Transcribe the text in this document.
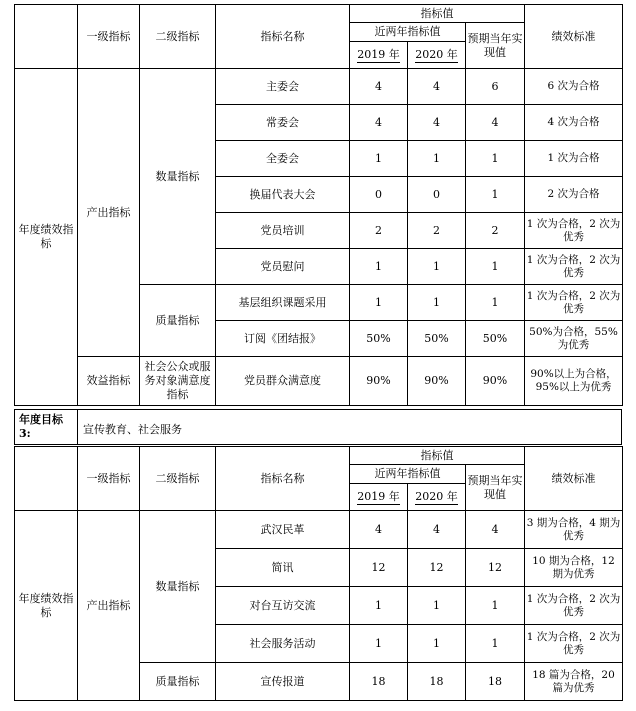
	一级指标	二级指标	指标名称	指标值			绩效标准
				近两年指标值		预期当年实现值	
				2019 年	2020 年		
年度绩效指标	产出指标	数量指标	主委会	4	4	6	6 次为合格
			常委会	4	4	4	4 次为合格
			全委会	1	1	1	1 次为合格
			换届代表大会	0	0	1	2 次为合格
			党员培训	2	2	2	1 次为合格，2 次为优秀
			党员慰问	1	1	1	1 次为合格，2 次为优秀
		质量指标	基层组织课题采用	1	1	1	1 次为合格，2 次为优秀
			订阅《团结报》	50%	50%	50%	50%为合格，55%为优秀
	效益指标	社会公众或服务对象满意度指标	党员群众满意度	90%	90%	90%	90%以上为合格，95%以上为优秀
年度目标 3:	宣传教育、社会服务
	一级指标	二级指标	指标名称	指标值			绩效标准
				近两年指标值		预期当年实现值	
				2019 年	2020 年		
年度绩效指标	产出指标	数量指标	武汉民革	4	4	4	3 期为合格，4 期为优秀
			简讯	12	12	12	10 期为合格，12 期为优秀
			对台互访交流	1	1	1	1 次为合格，2 次为优秀
			社会服务活动	1	1	1	1 次为合格，2 次为优秀
		质量指标	宣传报道	18	18	18	18 篇为合格，20 篇为优秀
